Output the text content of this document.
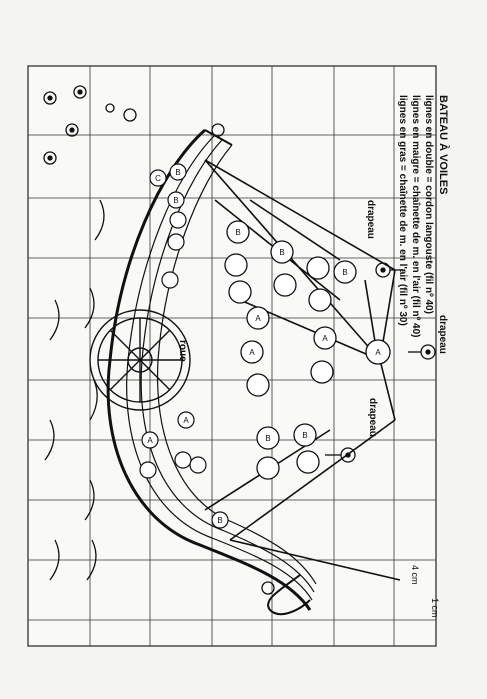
BATEAU À VOILES
lignes en double = cordon langouste (fil nº 40)
lignes en maigre = chaînette de m. en l'air (fil nº 40)
lignes en gras = chaînette de m. en l'air (fil nº 30)
drapeau
drapeau
drapeau
roue
4 cm
1 cm
B
B
B
A
A
A
A
B	B
B
B
C
A
B
A
